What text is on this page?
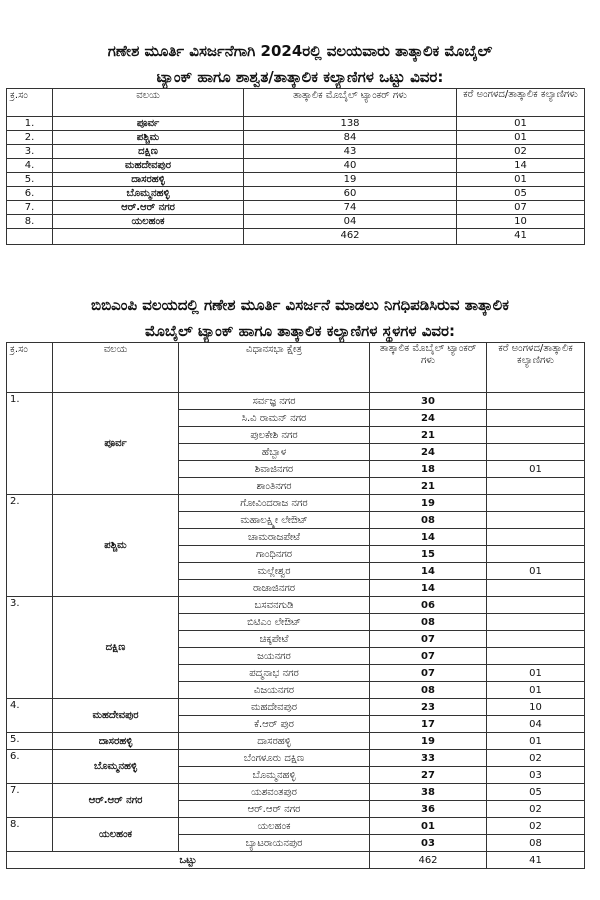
ಗಣೇಶ ಮೂರ್ತಿ ವಿಸರ್ಜನೆಗಾಗಿ 2024ರಲ್ಲಿ ವಲಯವಾರು ತಾತ್ಕಾಲಿಕ ಮೊಬೈಲ್
ಟ್ಯಾಂಕ್ ಹಾಗೂ ಶಾಶ್ವತ/ತಾತ್ಕಾಲಿಕ ಕಲ್ಯಾಣಿಗಳ ಒಟ್ಟು ವಿವರ:
ಕ್ರ.ಸಂ	ವಲಯ	ತಾತ್ಕಾಲಿಕ ಮೊಬೈಲ್ ಟ್ಯಾಂಕರ್ ಗಳು	ಕರೆ ಅಂಗಳದ/ತಾತ್ಕಾಲಿಕ ಕಲ್ಯಾಣಿಗಳು
1.	ಪೂರ್ವ	138	01
2.	ಪಶ್ಚಿಮ	84	01
3.	ದಕ್ಷಿಣ	43	02
4.	ಮಹದೇವಪುರ	40	14
5.	ದಾಸರಹಳ್ಳಿ	19	01
6.	ಬೊಮ್ಮನಹಳ್ಳಿ	60	05
7.	ಆರ್.ಆರ್ ನಗರ	74	07
8.	ಯಲಹಂಕ	04	10
		462	41
ಬಿಬಿಎಂಪಿ ವಲಯದಲ್ಲಿ ಗಣೇಶ ಮೂರ್ತಿ ವಿಸರ್ಜನೆ ಮಾಡಲು ನಿಗಧಿಪಡಿಸಿರುವ ತಾತ್ಕಾಲಿಕ
ಮೊಬೈಲ್ ಟ್ಯಾಂಕ್ ಹಾಗೂ ತಾತ್ಕಾಲಿಕ ಕಲ್ಯಾಣಿಗಳ ಸ್ಥಳಗಳ ವಿವರ:
ಕ್ರ.ಸಂ	ವಲಯ	ವಿಧಾನಸಭಾ ಕ್ಷೇತ್ರ	ತಾತ್ಕಾಲಿಕ ಮೊಬೈಲ್ ಟ್ಯಾಂಕರ್ ಗಳು	ಕರೆ ಅಂಗಳದ/ತಾತ್ಕಾಲಿಕ ಕಲ್ಯಾಣಿಗಳು
1.	ಪೂರ್ವ	ಸರ್ವಜ್ಞ ನಗರ	30	
		ಸಿ.ವಿ ರಾಮನ್ ನಗರ	24	
		ಪುಲಕೇಶಿ ನಗರ	21	
		ಹೆಬ್ಬಾಳ	24	
		ಶಿವಾಜಿನಗರ	18	01
		ಶಾಂತಿನಗರ	21	
2.	ಪಶ್ಚಿಮ	ಗೋವಿಂದರಾಜ ನಗರ	19	
		ಮಹಾಲಕ್ಷ್ಮೀ ಲೇಔಟ್	08	
		ಚಾಮರಾಜಪೇಟೆ	14	
		ಗಾಂಧಿನಗರ	15	
		ಮಲ್ಲೇಶ್ವರ	14	01
		ರಾಜಾಜಿನಗರ	14	
3.	ದಕ್ಷಿಣ	ಬಸವನಗುಡಿ	06	
		ಬಿಟಿಎಂ ಲೇಔಟ್	08	
		ಚಿಕ್ಕಪೇಟೆ	07	
		ಜಯನಗರ	07	
		ಪದ್ಮನಾಭ ನಗರ	07	01
		ವಿಜಯನಗರ	08	01
4.	ಮಹದೇವಪುರ	ಮಹದೇವಪುರ	23	10
		ಕೆ.ಆರ್ ಪುರ	17	04
5.	ದಾಸರಹಳ್ಳಿ	ದಾಸರಹಳ್ಳಿ	19	01
6.	ಬೊಮ್ಮನಹಳ್ಳಿ	ಬೆಂಗಳೂರು ದಕ್ಷಿಣ	33	02
		ಬೊಮ್ಮನಹಳ್ಳಿ	27	03
7.	ಆರ್.ಆರ್ ನಗರ	ಯಶವಂತಪುರ	38	05
		ಆರ್.ಆರ್ ನಗರ	36	02
8.	ಯಲಹಂಕ	ಯಲಹಂಕ	01	02
		ಬ್ಯಾಟರಾಯನಪುರ	03	08
ಒಟ್ಟು			462	41
